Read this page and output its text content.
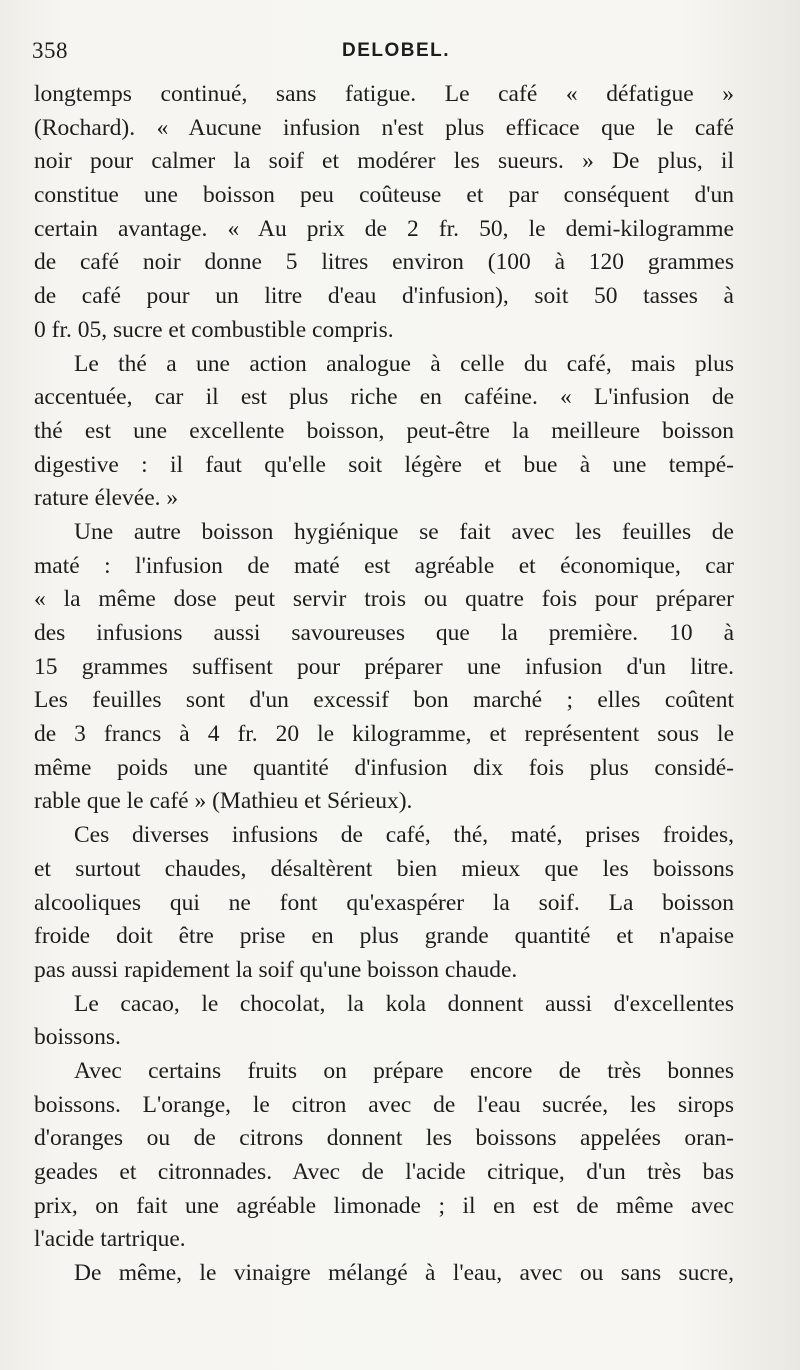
358	DELOBEL.
longtemps continué, sans fatigue. Le café « défatigue »
(Rochard). « Aucune infusion n'est plus efficace que le café
noir pour calmer la soif et modérer les sueurs. » De plus, il
constitue une boisson peu coûteuse et par conséquent d'un
certain avantage. « Au prix de 2 fr. 50, le demi-kilogramme
de café noir donne 5 litres environ (100 à 120 grammes
de café pour un litre d'eau d'infusion), soit 50 tasses à
0 fr. 05, sucre et combustible compris.
Le thé a une action analogue à celle du café, mais plus
accentuée, car il est plus riche en caféine. « L'infusion de
thé est une excellente boisson, peut-être la meilleure boisson
digestive : il faut qu'elle soit légère et bue à une tempé-
rature élevée. »
Une autre boisson hygiénique se fait avec les feuilles de
maté : l'infusion de maté est agréable et économique, car
« la même dose peut servir trois ou quatre fois pour préparer
des infusions aussi savoureuses que la première. 10 à
15 grammes suffisent pour préparer une infusion d'un litre.
Les feuilles sont d'un excessif bon marché ; elles coûtent
de 3 francs à 4 fr. 20 le kilogramme, et représentent sous le
même poids une quantité d'infusion dix fois plus considé-
rable que le café » (Mathieu et Sérieux).
Ces diverses infusions de café, thé, maté, prises froides,
et surtout chaudes, désaltèrent bien mieux que les boissons
alcooliques qui ne font qu'exaspérer la soif. La boisson
froide doit être prise en plus grande quantité et n'apaise
pas aussi rapidement la soif qu'une boisson chaude.
Le cacao, le chocolat, la kola donnent aussi d'excellentes
boissons.
Avec certains fruits on prépare encore de très bonnes
boissons. L'orange, le citron avec de l'eau sucrée, les sirops
d'oranges ou de citrons donnent les boissons appelées oran-
geades et citronnades. Avec de l'acide citrique, d'un très bas
prix, on fait une agréable limonade ; il en est de même avec
l'acide tartrique.
De même, le vinaigre mélangé à l'eau, avec ou sans sucre,
